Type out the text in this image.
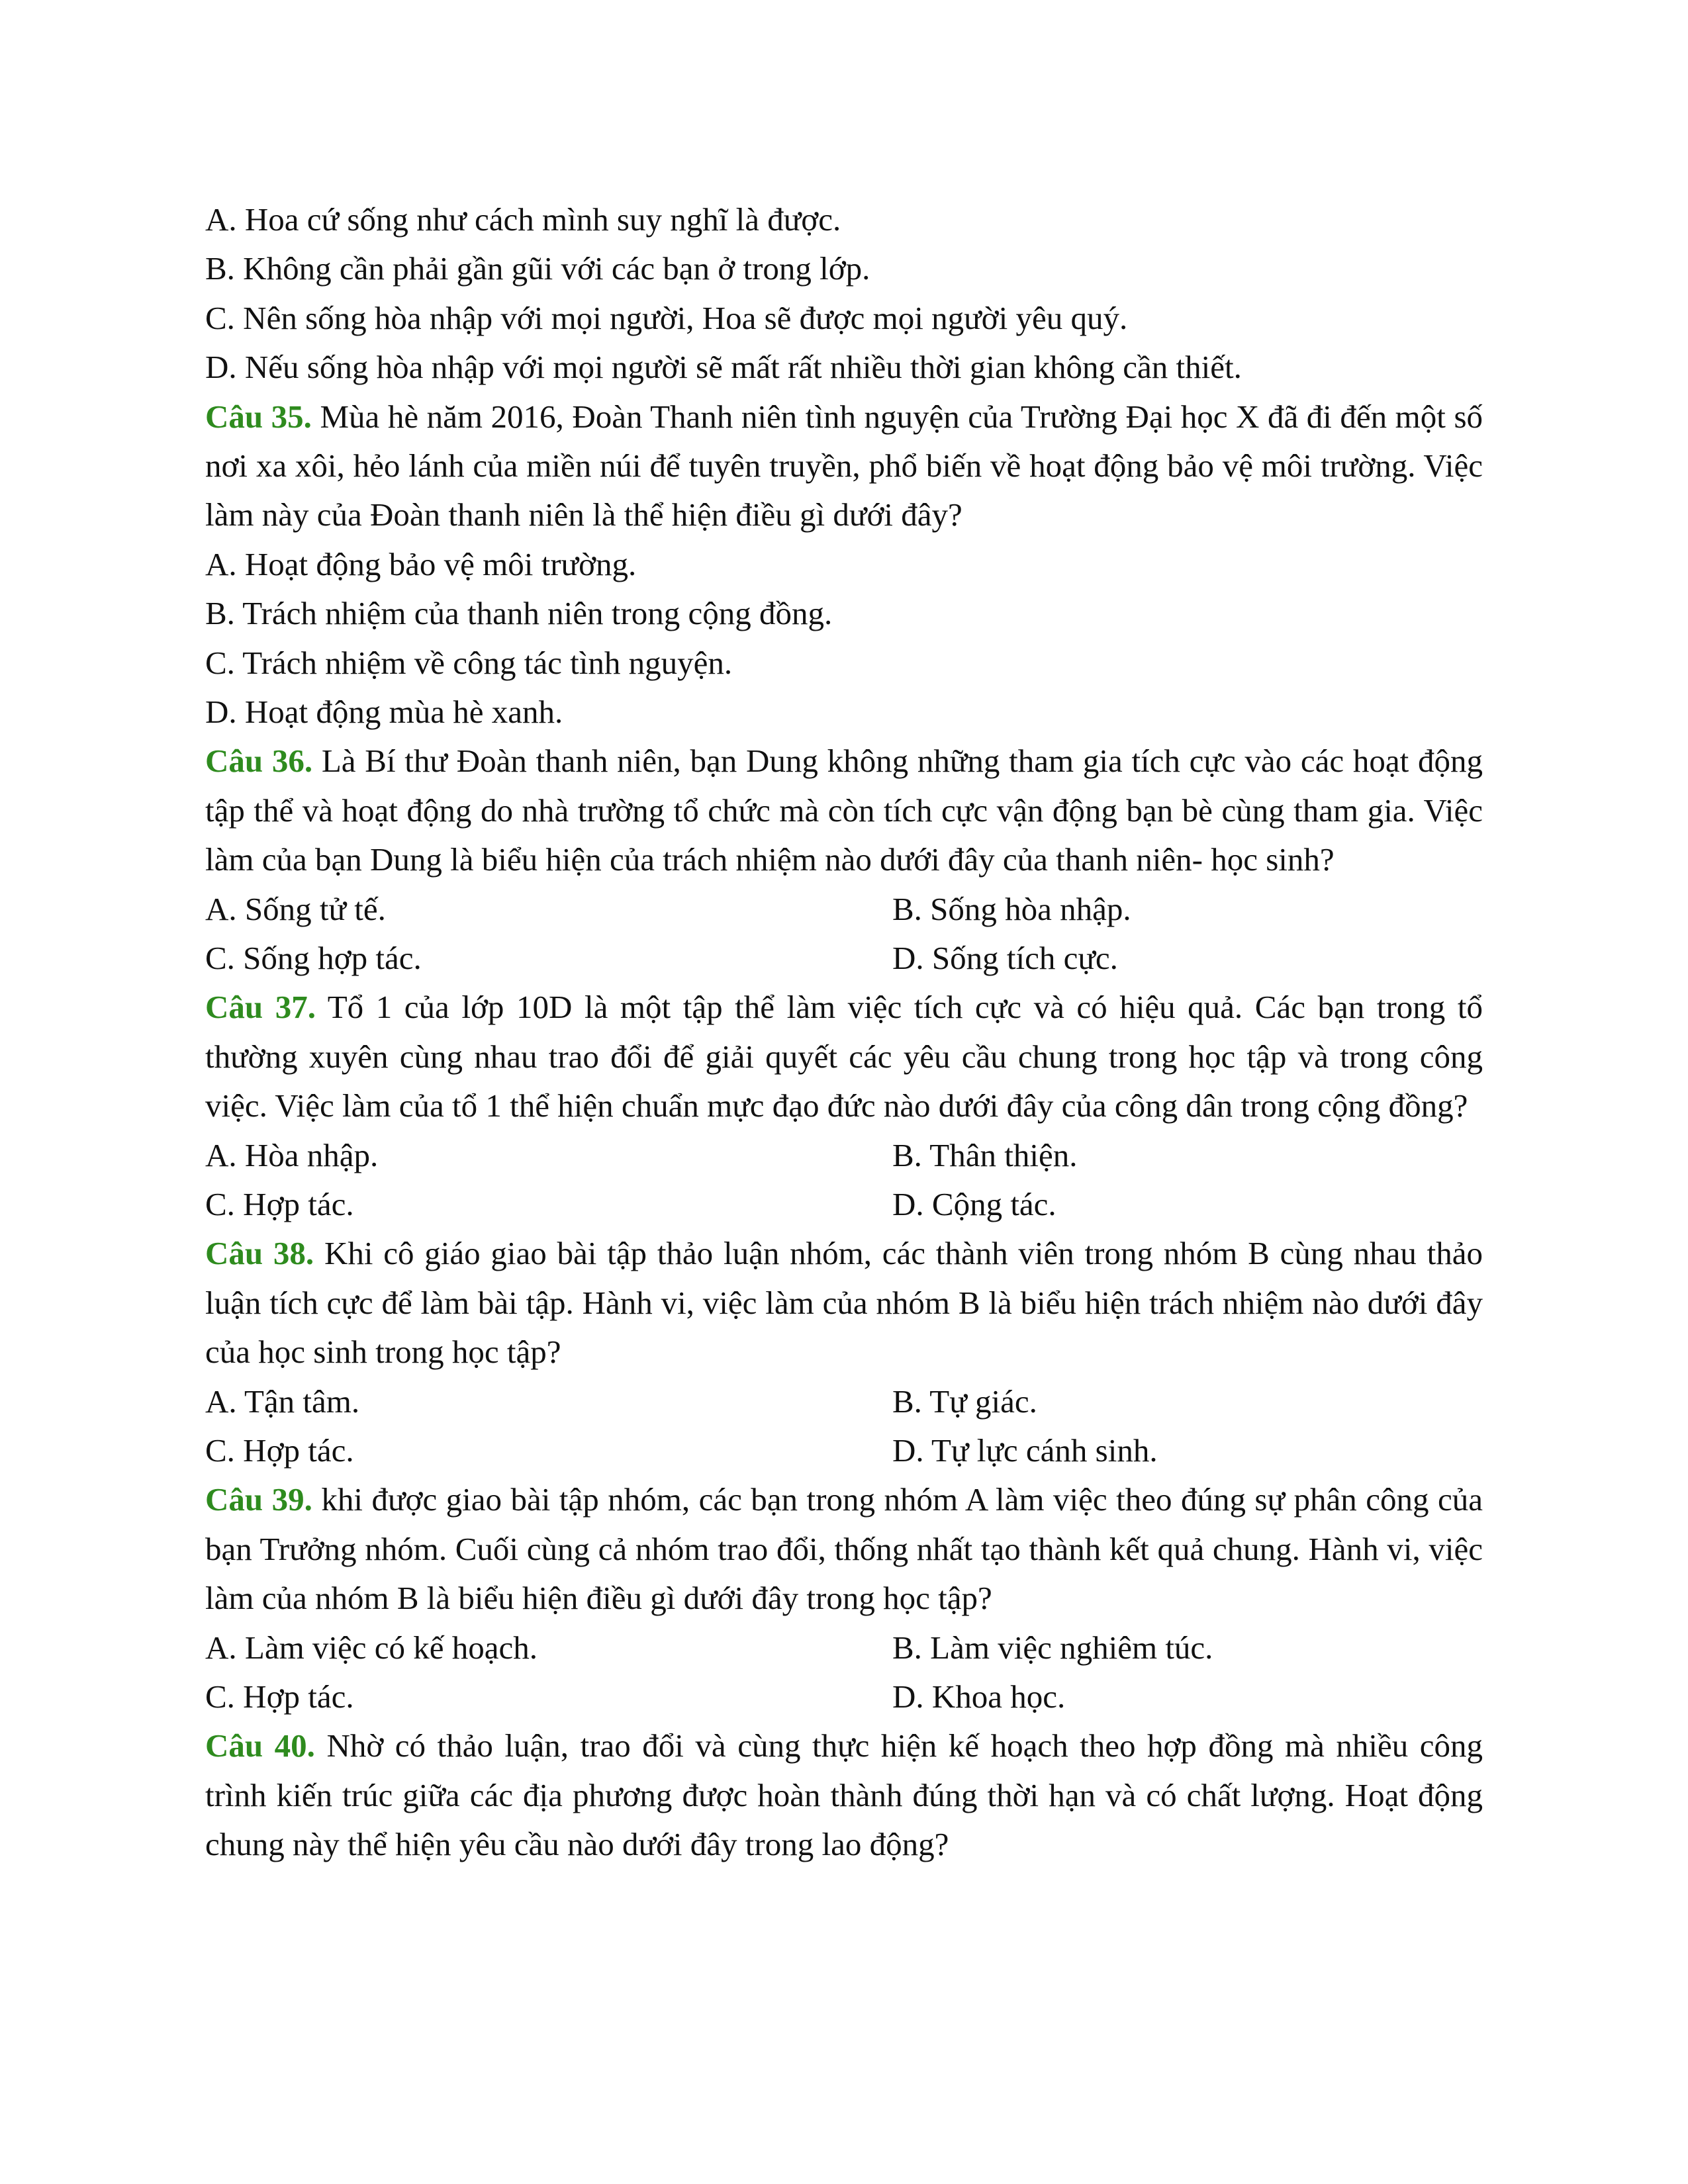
A. Hoa cứ sống như cách mình suy nghĩ là được.
B. Không cần phải gần gũi với các bạn ở trong lớp.
C. Nên sống hòa nhập với mọi người, Hoa sẽ được mọi người yêu quý.
D. Nếu sống hòa nhập với mọi người sẽ mất rất nhiều thời gian không cần thiết.
Câu 35. Mùa hè năm 2016, Đoàn Thanh niên tình nguyện của Trường Đại học X đã đi đến một số nơi xa xôi, hẻo lánh của miền núi để tuyên truyền, phổ biến về hoạt động bảo vệ môi trường. Việc làm này của Đoàn thanh niên là thể hiện điều gì dưới đây?
A. Hoạt động bảo vệ môi trường.
B. Trách nhiệm của thanh niên trong cộng đồng.
C. Trách nhiệm về công tác tình nguyện.
D. Hoạt động mùa hè xanh.
Câu 36. Là Bí thư Đoàn thanh niên, bạn Dung không những tham gia tích cực vào các hoạt động tập thể và hoạt động do nhà trường tổ chức mà còn tích cực vận động bạn bè cùng tham gia. Việc làm của bạn Dung là biểu hiện của trách nhiệm nào dưới đây của thanh niên- học sinh?
A. Sống tử tế.	B. Sống hòa nhập.
C. Sống hợp tác.	D. Sống tích cực.
Câu 37. Tổ 1 của lớp 10D là một tập thể làm việc tích cực và có hiệu quả. Các bạn trong tổ thường xuyên cùng nhau trao đổi để giải quyết các yêu cầu chung trong học tập và trong công việc. Việc làm của tổ 1 thể hiện chuẩn mực đạo đức nào dưới đây của công dân trong cộng đồng?
A. Hòa nhập.	B. Thân thiện.
C. Hợp tác.	D. Cộng tác.
Câu 38. Khi cô giáo giao bài tập thảo luận nhóm, các thành viên trong nhóm B cùng nhau thảo luận tích cực để làm bài tập. Hành vi, việc làm của nhóm B là biểu hiện trách nhiệm nào dưới đây của học sinh trong học tập?
A. Tận tâm.	B. Tự giác.
C. Hợp tác.	D. Tự lực cánh sinh.
Câu 39. khi được giao bài tập nhóm, các bạn trong nhóm A làm việc theo đúng sự phân công của bạn Trưởng nhóm. Cuối cùng cả nhóm trao đổi, thống nhất tạo thành kết quả chung. Hành vi, việc làm của nhóm B là biểu hiện điều gì dưới đây trong học tập?
A. Làm việc có kế hoạch.	B. Làm việc nghiêm túc.
C. Hợp tác.	D. Khoa học.
Câu 40. Nhờ có thảo luận, trao đổi và cùng thực hiện kế hoạch theo hợp đồng mà nhiều công trình kiến trúc giữa các địa phương được hoàn thành đúng thời hạn và có chất lượng. Hoạt động chung này thể hiện yêu cầu nào dưới đây trong lao động?
